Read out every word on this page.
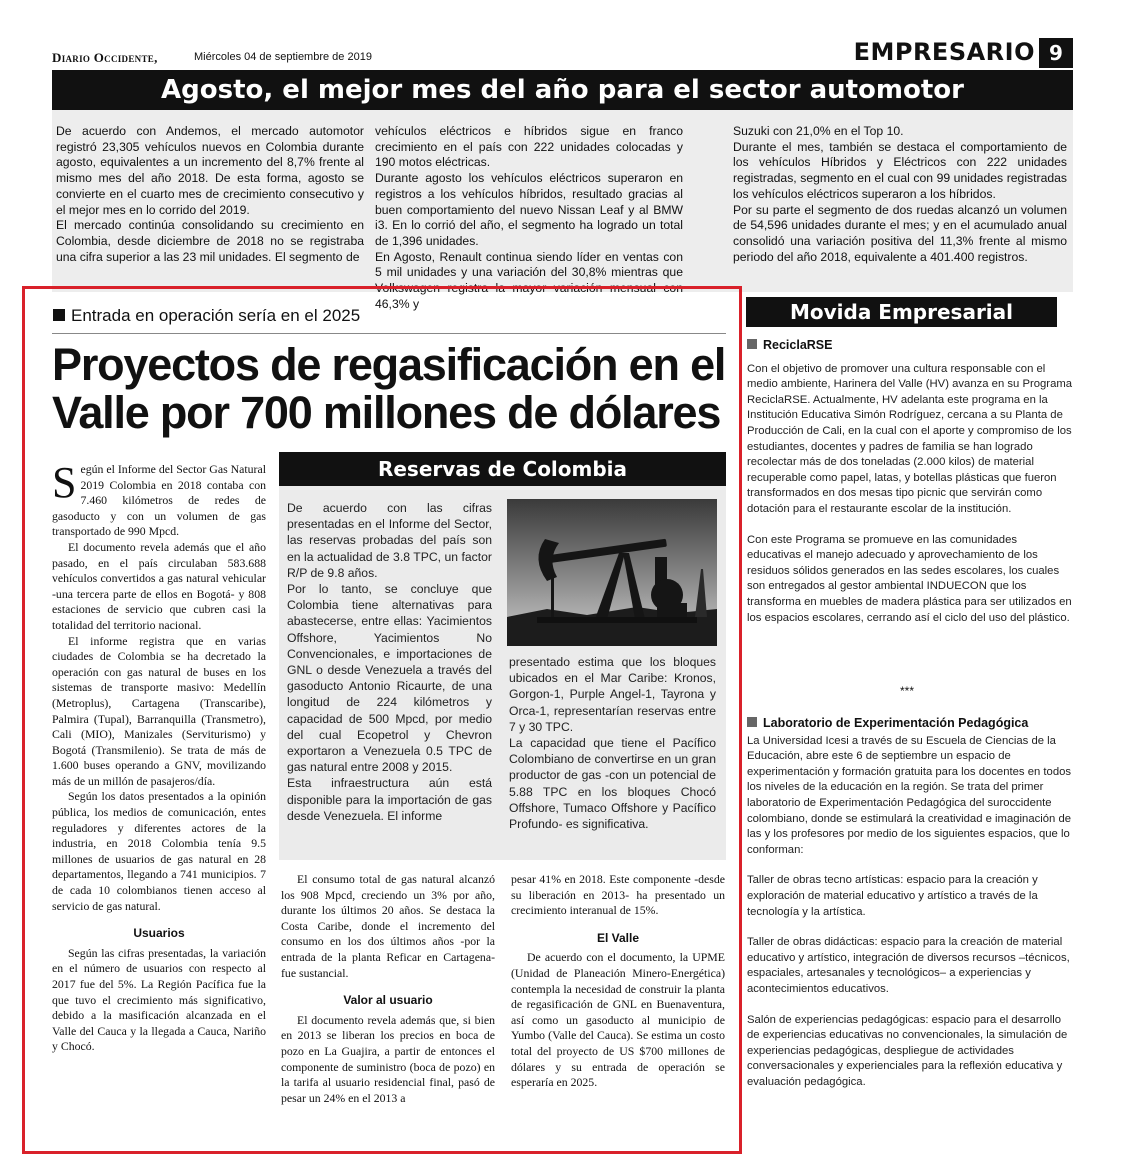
Diario Occidente,	Miércoles 04 de septiembre de 2019	EMPRESARIO 9
Agosto, el mejor mes del año para el sector automotor

De acuerdo con Andemos, el mercado automotor registró 23,305 vehículos nuevos en Colombia durante agosto, equivalentes a un incremento del 8,7% frente al mismo mes del año 2018. De esta forma, agosto se convierte en el cuarto mes de crecimiento consecutivo y el mejor mes en lo corrido del 2019.

El mercado continúa consolidando su crecimiento en Colombia, desde diciembre de 2018 no se registraba una cifra superior a las 23 mil unidades. El segmento de

vehículos eléctricos e híbridos sigue en franco crecimiento en el país con 222 unidades colocadas y 190 motos eléctricas.

Durante agosto los vehículos eléctricos superaron en registros a los vehículos híbridos, resultado gracias al buen comportamiento del nuevo Nissan Leaf y al BMW i3. En lo corrió del año, el segmento ha logrado un total de 1,396 unidades.

En Agosto, Renault continua siendo líder en ventas con 5 mil unidades y una variación del 30,8% mientras que Volkswagen registra la mayor variación mensual con 46,3% y

Suzuki con 21,0% en el Top 10.

Durante el mes, también se destaca el comportamiento de los vehículos Híbridos y Eléctricos con 222 unidades registradas, segmento en el cual con 99 unidades registradas los vehículos eléctricos superaron a los híbridos.

Por su parte el segmento de dos ruedas alcanzó un volumen de 54,596 unidades durante el mes; y en el acumulado anual consolidó una variación positiva del 11,3% frente al mismo periodo del año 2018, equivalente a 401.400 registros.

Entrada en operación sería en el 2025
Proyectos de regasificación en el Valle por 700 millones de dólares

Según el Informe del Sector Gas Natural 2019 Colombia en 2018 contaba con 7.460 kilómetros de redes de gasoducto y con un volumen de gas transportado de 990 Mpcd.

El documento revela además que el año pasado, en el país circulaban 583.688 vehículos convertidos a gas natural vehicular -una tercera parte de ellos en Bogotá- y 808 estaciones de servicio que cubren casi la totalidad del territorio nacional.

El informe registra que en varias ciudades de Colombia se ha decretado la operación con gas natural de buses en los sistemas de transporte masivo: Medellín (Metroplus), Cartagena (Transcaribe), Palmira (Tupal), Barranquilla (Transmetro), Cali (MIO), Manizales (Serviturismo) y Bogotá (Transmilenio). Se trata de más de 1.600 buses operando a GNV, movilizando más de un millón de pasajeros/día.

Según los datos presentados a la opinión pública, los medios de comunicación, entes reguladores y diferentes actores de la industria, en 2018 Colombia tenía 9.5 millones de usuarios de gas natural en 28 departamentos, llegando a 741 municipios. 7 de cada 10 colombianos tienen acceso al servicio de gas natural.

Usuarios

Según las cifras presentadas, la variación en el número de usuarios con respecto al 2017 fue del 5%. La Región Pacífica fue la que tuvo el crecimiento más significativo, debido a la masificación alcanzada en el Valle del Cauca y la llegada a Cauca, Nariño y Chocó.

Reservas de Colombia

De acuerdo con las cifras presentadas en el Informe del Sector, las reservas probadas del país son en la actualidad de 3.8 TPC, un factor R/P de 9.8 años.

Por lo tanto, se concluye que Colombia tiene alternativas para abastecerse, entre ellas: Yacimientos Offshore, Yacimientos No Convencionales, e importaciones de GNL o desde Venezuela a través del gasoducto Antonio Ricaurte, de una longitud de 224 kilómetros y capacidad de 500 Mpcd, por medio del cual Ecopetrol y Chevron exportaron a Venezuela 0.5 TPC de gas natural entre 2008 y 2015.

Esta infraestructura aún está disponible para la importación de gas desde Venezuela. El informe

presentado estima que los bloques ubicados en el Mar Caribe: Kronos, Gorgon-1, Purple Angel-1, Tayrona y Orca-1, representarían reservas entre 7 y 30 TPC.

La capacidad que tiene el Pacífico Colombiano de convertirse en un gran productor de gas -con un potencial de 5.88 TPC en los bloques Chocó Offshore, Tumaco Offshore y Pacífico Profundo- es significativa.

El consumo total de gas natural alcanzó los 908 Mpcd, creciendo un 3% por año, durante los últimos 20 años. Se destaca la Costa Caribe, donde el incremento del consumo en los dos últimos años -por la entrada de la planta Reficar en Cartagena- fue sustancial.

Valor al usuario

El documento revela además que, si bien en 2013 se liberan los precios en boca de pozo en La Guajira, a partir de entonces el componente de suministro (boca de pozo) en la tarifa al usuario residencial final, pasó de pesar un 24% en el 2013 a

pesar 41% en 2018. Este componente -desde su liberación en 2013- ha presentado un crecimiento interanual de 15%.

El Valle

De acuerdo con el documento, la UPME (Unidad de Planeación Minero-Energética) contempla la necesidad de construir la planta de regasificación de GNL en Buenaventura, así como un gasoducto al municipio de Yumbo (Valle del Cauca). Se estima un costo total del proyecto de US $700 millones de dólares y su entrada de operación se esperaría en 2025.

Movida Empresarial
ReciclaRSE

Con el objetivo de promover una cultura responsable con el medio ambiente, Harinera del Valle (HV) avanza en su Programa ReciclaRSE. Actualmente, HV adelanta este programa en la Institución Educativa Simón Rodríguez, cercana a su Planta de Producción de Cali, en la cual con el aporte y compromiso de los estudiantes, docentes y padres de familia se han logrado recolectar más de dos toneladas (2.000 kilos) de material recuperable como papel, latas, y botellas plásticas que fueron transformados en dos mesas tipo picnic que servirán como dotación para el restaurante escolar de la institución.

Con este Programa se promueve en las comunidades educativas el manejo adecuado y aprovechamiento de los residuos sólidos generados en las sedes escolares, los cuales son entregados al gestor ambiental INDUECON que los transforma en muebles de madera plástica para ser utilizados en los espacios escolares, cerrando así el ciclo del uso del plástico.

***
Laboratorio de Experimentación Pedagógica

La Universidad Icesi a través de su Escuela de Ciencias de la Educación, abre este 6 de septiembre un espacio de experimentación y formación gratuita para los docentes en todos los niveles de la educación en la región. Se trata del primer laboratorio de Experimentación Pedagógica del suroccidente colombiano, donde se estimulará la creatividad e imaginación de las y los profesores por medio de los siguientes espacios, que lo conforman:

Taller de obras tecno artísticas: espacio para la creación y exploración de material educativo y artístico a través de la tecnología y la artística.

Taller de obras didácticas: espacio para la creación de material educativo y artístico, integración de diversos recursos –técnicos, espaciales, artesanales y tecnológicos– a experiencias y acontecimientos educativos.

Salón de experiencias pedagógicas: espacio para el desarrollo de experiencias educativas no convencionales, la simulación de experiencias pedagógicas, despliegue de actividades conversacionales y experienciales para la reflexión educativa y evaluación pedagógica.
